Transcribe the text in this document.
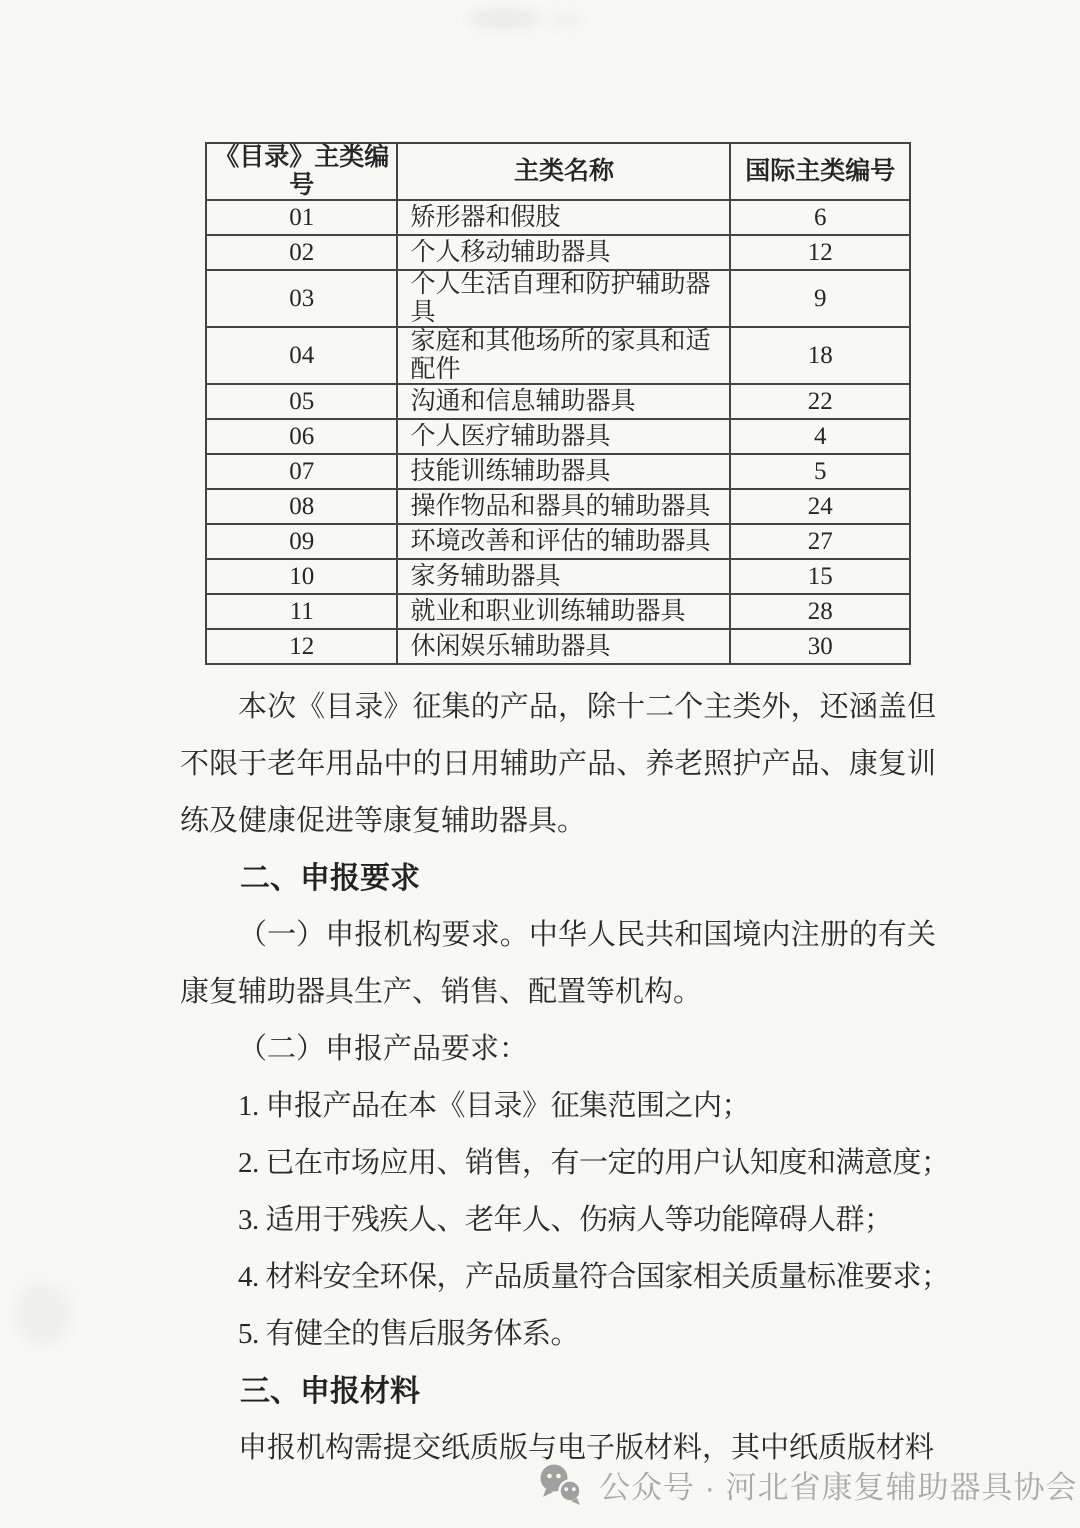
《目录》主类编号	主类名称	国际主类编号
01	矫形器和假肢	6
02	个人移动辅助器具	12
03	个人生活自理和防护辅助器具	9
04	家庭和其他场所的家具和适配件	18
05	沟通和信息辅助器具	22
06	个人医疗辅助器具	4
07	技能训练辅助器具	5
08	操作物品和器具的辅助器具	24
09	环境改善和评估的辅助器具	27
10	家务辅助器具	15
11	就业和职业训练辅助器具	28
12	休闲娱乐辅助器具	30

本次《目录》征集的产品，除十二个主类外，还涵盖但不限于老年用品中的日用辅助产品、养老照护产品、康复训练及健康促进等康复辅助器具。

二、申报要求

（一）申报机构要求。中华人民共和国境内注册的有关康复辅助器具生产、销售、配置等机构。

（二）申报产品要求：

1. 申报产品在本《目录》征集范围之内；

2. 已在市场应用、销售，有一定的用户认知度和满意度；

3. 适用于残疾人、老年人、伤病人等功能障碍人群；

4. 材料安全环保，产品质量符合国家相关质量标准要求；

5. 有健全的售后服务体系。

三、申报材料

申报机构需提交纸质版与电子版材料，其中纸质版材料

公众号 · 河北省康复辅助器具协会
